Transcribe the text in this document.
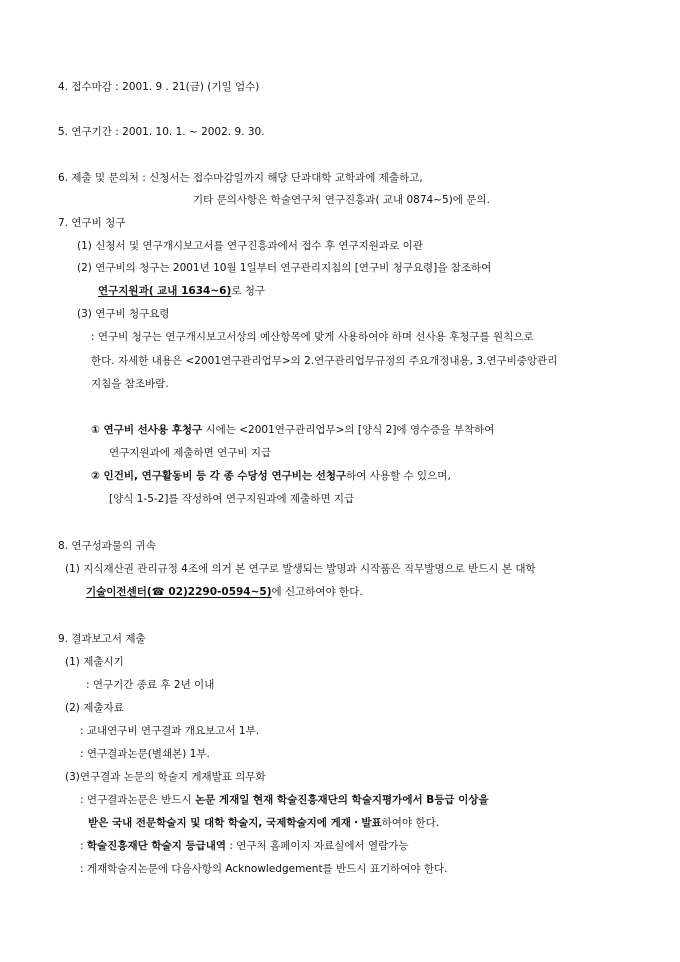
4. 접수마감 : 2001. 9 . 21(금) (기일 엄수)
5. 연구기간 : 2001. 10. 1. ~ 2002. 9. 30.
6. 제출 및 문의처 : 신청서는 접수마감일까지 해당 단과대학 교학과에 제출하고,
기타 문의사항은 학술연구처 연구진흥과( 교내 0874~5)에 문의.
7. 연구비 청구
(1) 신청서 및 연구개시보고서를 연구진흥과에서 접수 후 연구지원과로 이관
(2) 연구비의 청구는 2001년 10월 1일부터 연구관리지침의 [연구비 청구요령]을 참조하여
연구지원과( 교내 1634~6)로 청구
(3) 연구비 청구요령
: 연구비 청구는 연구개시보고서상의 예산항목에 맞게 사용하여야 하며 선사용 후청구를 원칙으로
한다. 자세한 내용은 <2001연구관리업무>의 2.연구관리업무규정의 주요개정내용, 3.연구비중앙관리
지침을 참조바람.
① 연구비 선사용 후청구 시에는 <2001연구관리업무>의 [양식 2]에 영수증을 부착하여
연구지원과에 제출하면 연구비 지급
② 인건비, 연구활동비 등 각 종 수당성 연구비는 선청구하여 사용할 수 있으며,
[양식 1-5-2]를 작성하여 연구지원과에 제출하면 지급
8. 연구성과물의 귀속
(1) 지식재산권 관리규정 4조에 의거 본 연구로 발생되는 발명과 시작품은 직무발명으로 반드시 본 대학
기술이전센터(☎ 02)2290-0594~5)에 신고하여야 한다.
9. 결과보고서 제출
(1) 제출시기
: 연구기간 종료 후 2년 이내
(2) 제출자료
: 교내연구비 연구결과 개요보고서 1부.
: 연구결과논문(별쇄본) 1부.
(3)연구결과 논문의 학술지 게재발표 의무화
: 연구결과논문은 반드시 논문 게재일 현재 학술진흥재단의 학술지평가에서 B등급 이상을
받은 국내 전문학술지 및 대학 학술지, 국제학술지에 게재・발표하여야 한다.
: 학술진흥재단 학술지 등급내역 : 연구처 홈페이지 자료실에서 열람가능
: 게재학술지논문에 다음사항의 Acknowledgement를 반드시 표기하여야 한다.
